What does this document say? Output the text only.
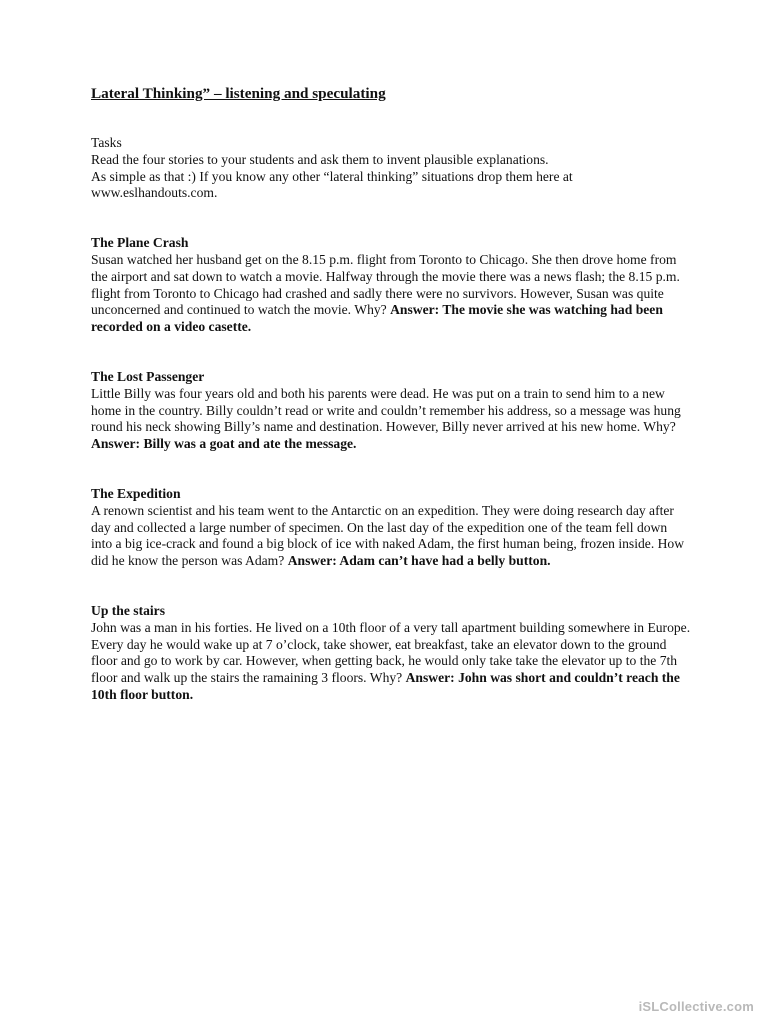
Lateral Thinking” – listening and speculating

Tasks

Read the four stories to your students and ask them to invent plausible explanations.

As simple as that :) If you know any other “lateral thinking” situations drop them here at

www.eslhandouts.com.

The Plane Crash

Susan watched her husband get on the 8.15 p.m. flight from Toronto to Chicago. She then drove home from the airport and sat down to watch a movie. Halfway through the movie there was a news flash; the 8.15 p.m. flight from Toronto to Chicago had crashed and sadly there were no survivors. However, Susan was quite unconcerned and continued to watch the movie. Why? Answer: The movie she was watching had been recorded on a video casette.

The Lost Passenger

Little Billy was four years old and both his parents were dead. He was put on a train to send him to a new home in the country. Billy couldn’t read or write and couldn’t remember his address, so a message was hung round his neck showing Billy’s name and destination. However, Billy never arrived at his new home. Why? Answer: Billy was a goat and ate the message.

The Expedition

A renown scientist and his team went to the Antarctic on an expedition. They were doing research day after day and collected a large number of specimen. On the last day of the expedition one of the team fell down into a big ice-crack and found a big block of ice with naked Adam, the first human being, frozen inside. How did he know the person was Adam? Answer: Adam can’t have had a belly button.

Up the stairs

John was a man in his forties. He lived on a 10th floor of a very tall apartment building somewhere in Europe. Every day he would wake up at 7 o’clock, take shower, eat breakfast, take an elevator down to the ground floor and go to work by car. However, when getting back, he would only take take the elevator up to the 7th floor and walk up the stairs the ramaining 3 floors. Why? Answer: John was short and couldn’t reach the 10th floor button.

iSLCollective.com
